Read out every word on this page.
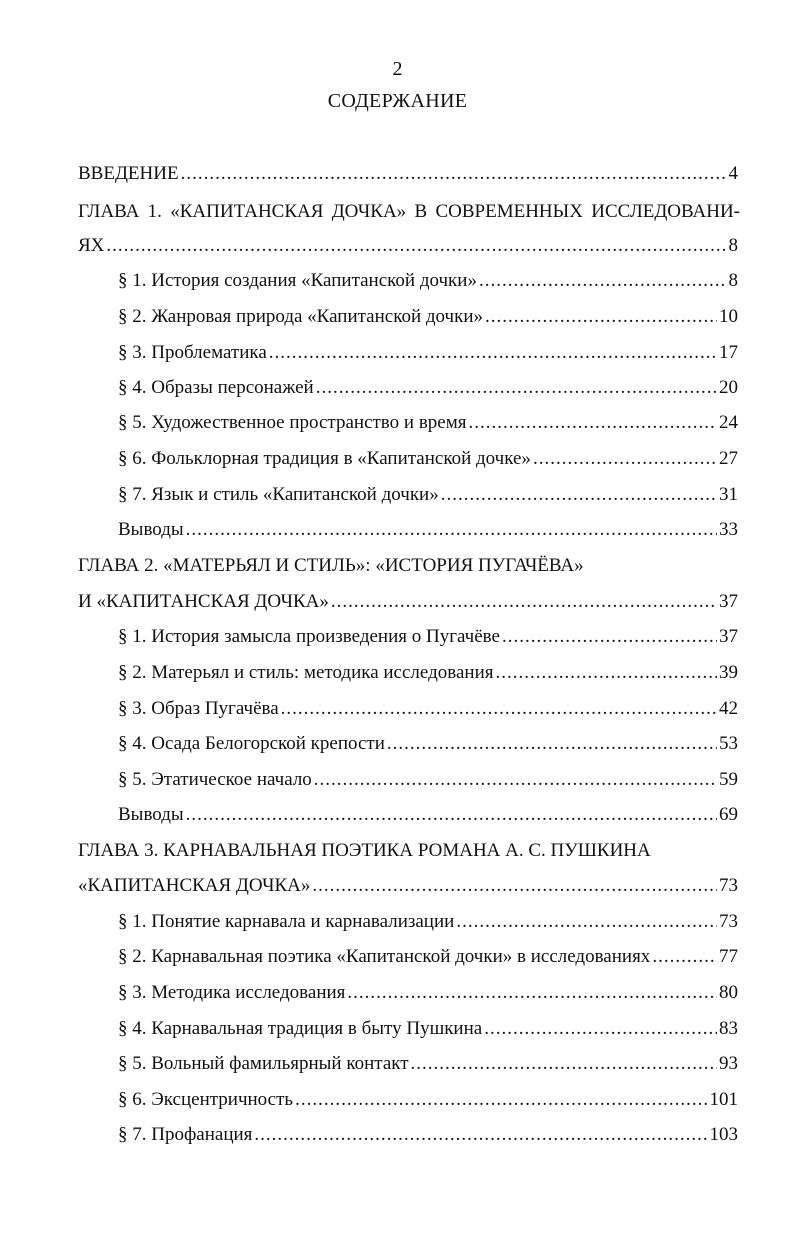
2
СОДЕРЖАНИЕ
ВВЕДЕНИЕ .....	4
ГЛАВА 1. «КАПИТАНСКАЯ ДОЧКА» В СОВРЕМЕННЫХ ИССЛЕДОВАНИ-
ЯХ .....	8
§ 1. История создания «Капитанской дочки» .....	8
§ 2. Жанровая природа «Капитанской дочки» .....	10
§ 3. Проблематика .....	17
§ 4. Образы персонажей .....	20
§ 5. Художественное пространство и время .....	24
§ 6. Фольклорная традиция в «Капитанской дочке» .....	27
§ 7. Язык и стиль «Капитанской дочки» .....	31
Выводы .....	33
ГЛАВА 2. «МАТЕРЬЯЛ И СТИЛЬ»: «ИСТОРИЯ ПУГАЧЁВА»
И «КАПИТАНСКАЯ ДОЧКА» .....	37
§ 1. История замысла произведения о Пугачёве .....	37
§ 2. Матерьял и стиль: методика исследования .....	39
§ 3. Образ Пугачёва .....	42
§ 4. Осада Белогорской крепости .....	53
§ 5. Этатическое начало .....	59
Выводы .....	69
ГЛАВА 3. КАРНАВАЛЬНАЯ ПОЭТИКА РОМАНА А. С. ПУШКИНА
«КАПИТАНСКАЯ ДОЧКА» .....	73
§ 1. Понятие карнавала и карнавализации .....	73
§ 2. Карнавальная поэтика «Капитанской дочки» в исследованиях .....	77
§ 3. Методика исследования .....	80
§ 4. Карнавальная традиция в быту Пушкина .....	83
§ 5. Вольный фамильярный контакт .....	93
§ 6. Эксцентричность .....	101
§ 7. Профанация .....	103
